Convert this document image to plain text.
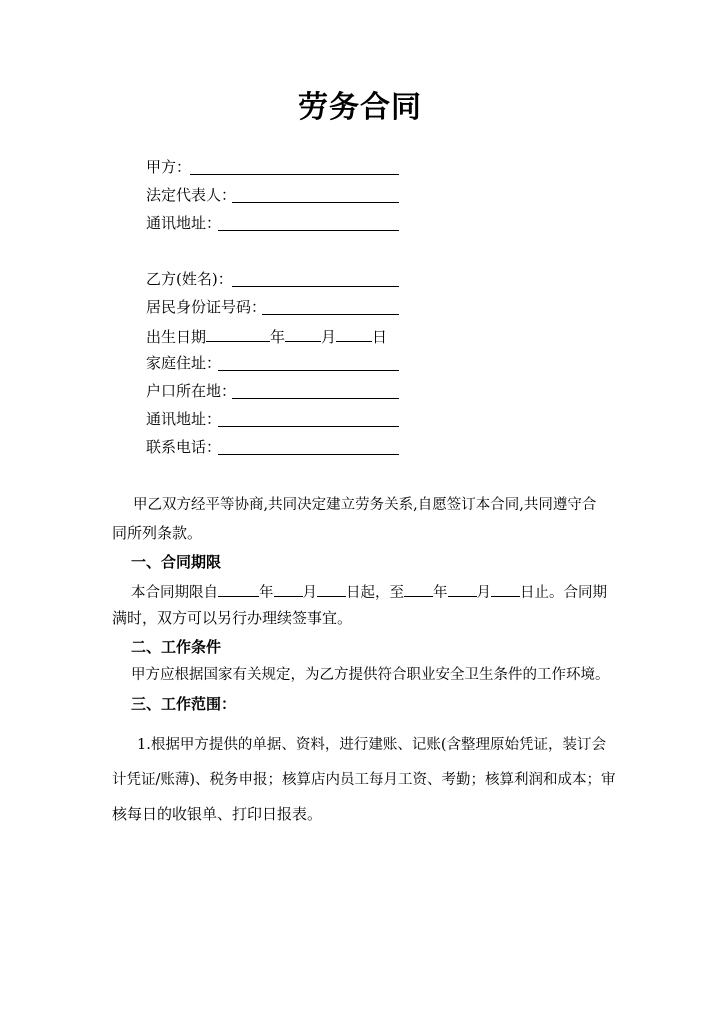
劳务合同
甲方：
法定代表人：
通讯地址：
乙方(姓名)：
居民身份证号码：
出生日期	年 月 日
家庭住址：
户口所在地：
通讯地址：
联系电话：
甲乙双方经平等协商,共同决定建立劳务关系,自愿签订本合同,共同遵守合
同所列条款。
一、合同期限
本合同期限自	年 月 日起，至 年 月 日止。合同期
满时，双方可以另行办理续签事宜。
二、工作条件
甲方应根据国家有关规定，为乙方提供符合职业安全卫生条件的工作环境。
三、工作范围：
1.根据甲方提供的单据、资料，进行建账、记账(含整理原始凭证，装订会
计凭证/账薄)、税务申报；核算店内员工每月工资、考勤；核算利润和成本；审
核每日的收银单、打印日报表。
